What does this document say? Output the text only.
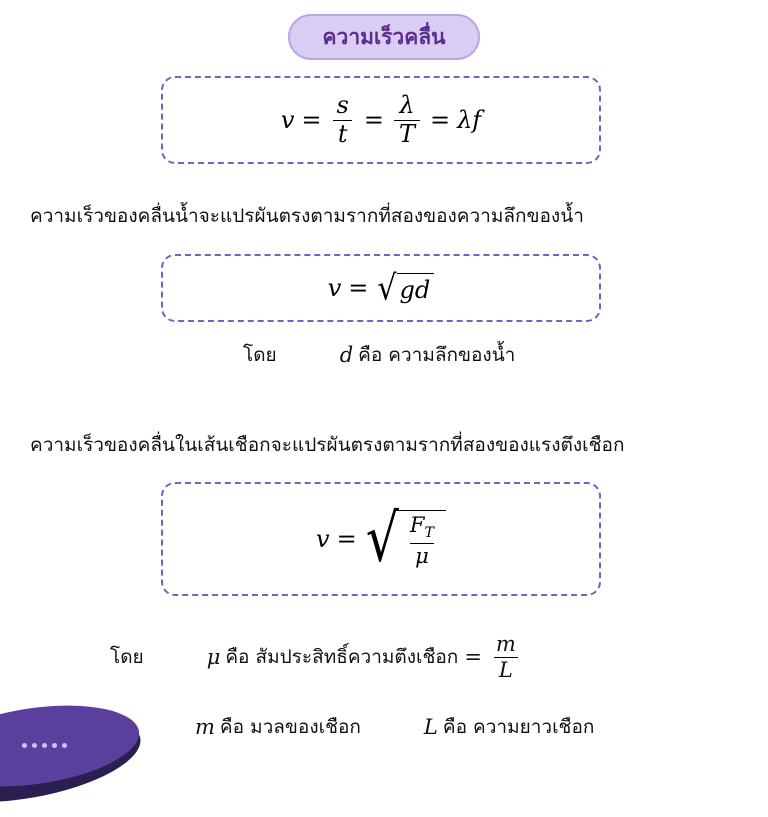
ความเร็วคลื่น
$v = \frac{s}{t} = \frac{\lambda}{T} = \lambda f$
ความเร็วของคลื่นน้ำจะแปรผันตรงตามรากที่สองของความลึกของน้ำ
v = √ gd
โดย	d คือ ความลึกของน้ำ
ความเร็วของคลื่นในเส้นเชือกจะแปรผันตรงตามรากที่สองของแรงตึงเชือก
v = √ $\frac{F_T}{\mu}$
โดย	μ คือ สัมประสิทธิ์ความตึงเชือก = $\frac{m}{L}$
m คือ มวลของเชือก	L คือ ความยาวเชือก
